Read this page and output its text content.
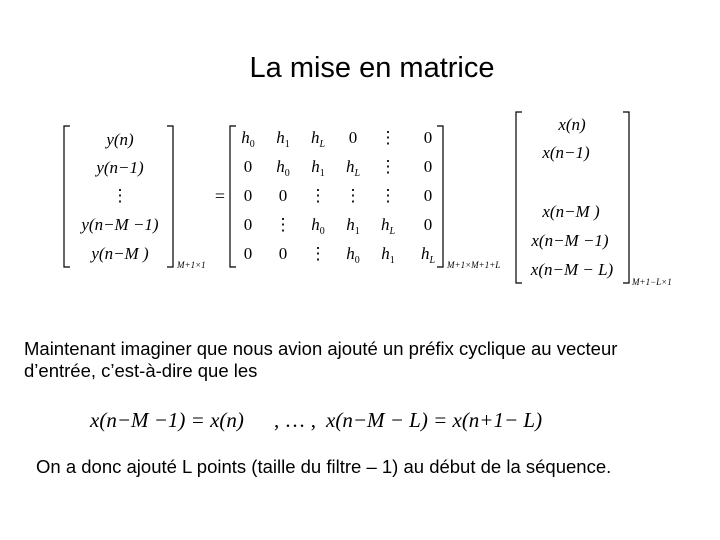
La mise en matrice
y(n)
y(n−1)
⋮
y(n−M −1)
y(n−M )
M+1×1
=
$h_0$ $h_1$ $h_L$ 0 ⋮ 0
0 $h_0$ $h_1$ $h_L$ ⋮ 0
0 0 ⋮ ⋮ ⋮ 0
0 ⋮ $h_0$ $h_1$ $h_L$ 0
0 0 ⋮ $h_0$ $h_1$ $h_L$ M+1×M+1+L
x(n)
x(n−1)
x(n−M )
x(n−M −1)
x(n−M − L)
M+1−L×1
x(n−M −1) = x(n) , … , x(n−M − L) = x(n+1− L)
Maintenant imaginer que nous avion ajouté un préfix cyclique au vecteur d’entrée, c’est-à-dire que les
On a donc ajouté L points (taille du filtre – 1) au début de la séquence.
